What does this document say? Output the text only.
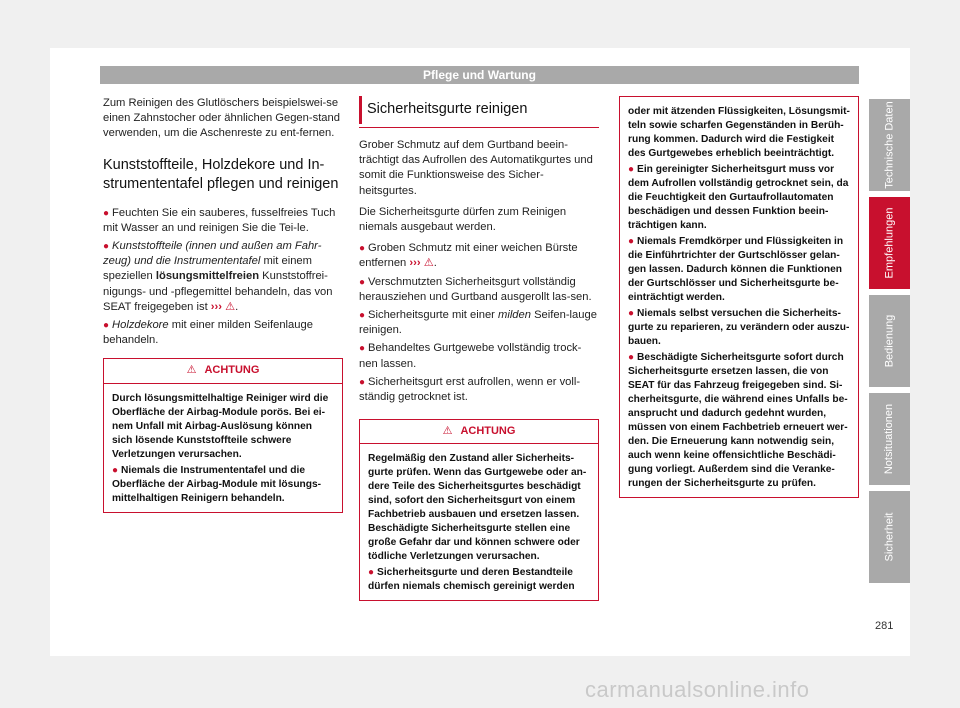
Pflege und Wartung

Zum Reinigen des Glutlöschers beispielswei-se einen Zahnstocher oder ähnlichen Gegen-stand verwenden, um die Aschenreste zu ent-fernen.

Kunststoffteile, Holzdekore und In-strumententafel pflegen und reinigen

● Feuchten Sie ein sauberes, fusselfreies Tuch mit Wasser an und reinigen Sie die Tei-le.

● Kunststoffteile (innen und außen am Fahr-zeug) und die Instrumententafel mit einem speziellen lösungsmittelfreien Kunststoffrei-nigungs- und -pflegemittel behandeln, das von SEAT freigegeben ist ››› ⚠.

● Holzdekore mit einer milden Seifenlauge behandeln.

⚠ ACHTUNG
Durch lösungsmittelhaltige Reiniger wird die Oberfläche der Airbag-Module porös. Bei ei-nem Unfall mit Airbag-Auslösung können sich lösende Kunststoffteile schwere Verletzungen verursachen.
● Niemals die Instrumententafel und die Oberfläche der Airbag-Module mit lösungs-mittelhaltigen Reinigern behandeln.
Sicherheitsgurte reinigen

Grober Schmutz auf dem Gurtband beein-trächtigt das Aufrollen des Automatikgurtes und somit die Funktionsweise des Sicher-heitsgurtes.

Die Sicherheitsgurte dürfen zum Reinigen niemals ausgebaut werden.

● Groben Schmutz mit einer weichen Bürste entfernen ››› ⚠.

● Verschmutzten Sicherheitsgurt vollständig herausziehen und Gurtband ausgerollt las-sen.

● Sicherheitsgurte mit einer milden Seifen-lauge reinigen.

● Behandeltes Gurtgewebe vollständig trock-nen lassen.

● Sicherheitsgurt erst aufrollen, wenn er voll-ständig getrocknet ist.

⚠ ACHTUNG
Regelmäßig den Zustand aller Sicherheits-gurte prüfen. Wenn das Gurtgewebe oder an-dere Teile des Sicherheitsgurtes beschädigt sind, sofort den Sicherheitsgurt von einem Fachbetrieb ausbauen und ersetzen lassen. Beschädigte Sicherheitsgurte stellen eine große Gefahr dar und können schwere oder tödliche Verletzungen verursachen.
● Sicherheitsgurte und deren Bestandteile dürfen niemals chemisch gereinigt werden
oder mit ätzenden Flüssigkeiten, Lösungsmit-teln sowie scharfen Gegenständen in Berüh-rung kommen. Dadurch wird die Festigkeit des Gurtgewebes erheblich beeinträchtigt.
● Ein gereinigter Sicherheitsgurt muss vor dem Aufrollen vollständig getrocknet sein, da die Feuchtigkeit den Gurtaufrollautomaten beschädigen und dessen Funktion beein-trächtigen kann.
● Niemals Fremdkörper und Flüssigkeiten in die Einführtrichter der Gurtschlösser gelan-gen lassen. Dadurch können die Funktionen der Gurtschlösser und Sicherheitsgurte be-einträchtigt werden.
● Niemals selbst versuchen die Sicherheits-gurte zu reparieren, zu verändern oder auszu-bauen.
● Beschädigte Sicherheitsgurte sofort durch Sicherheitsgurte ersetzen lassen, die von SEAT für das Fahrzeug freigegeben sind. Si-cherheitsgurte, die während eines Unfalls be-ansprucht und dadurch gedehnt wurden, müssen von einem Fachbetrieb erneuert wer-den. Die Erneuerung kann notwendig sein, auch wenn keine offensichtliche Beschädi-gung vorliegt. Außerdem sind die Veranke-rungen der Sicherheitsgurte zu prüfen.
Technische Daten
Empfehlungen
Bedienung
Notsituationen
Sicherheit
281
carmanualsonline.info
